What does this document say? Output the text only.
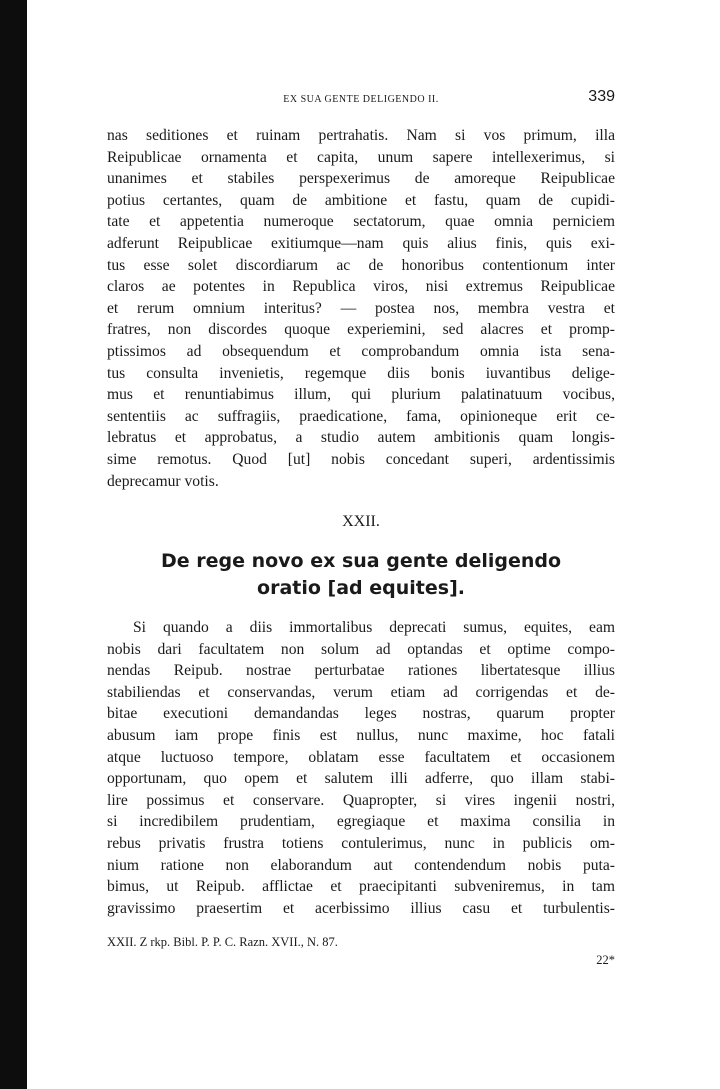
EX SUA GENTE DELIGENDO II.	339
nas seditiones et ruinam pertrahatis. Nam si vos primum, illa
Reipublicae ornamenta et capita, unum sapere intellexerimus, si
unanimes et stabiles perspexerimus de amoreque Reipublicae
potius certantes, quam de ambitione et fastu, quam de cupidi-
tate et appetentia numeroque sectatorum, quae omnia perniciem
adferunt Reipublicae exitiumque—nam quis alius finis, quis exi-
tus esse solet discordiarum ac de honoribus contentionum inter
claros ae potentes in Republica viros, nisi extremus Reipublicae
et rerum omnium interitus? — postea nos, membra vestra et
fratres, non discordes quoque experiemini, sed alacres et promp-
ptissimos ad obsequendum et comprobandum omnia ista sena-
tus consulta invenietis, regemque diis bonis iuvantibus delige-
mus et renuntiabimus illum, qui plurium palatinatuum vocibus,
sententiis ac suffragiis, praedicatione, fama, opinioneque erit ce-
lebratus et approbatus, a studio autem ambitionis quam longis-
sime remotus. Quod [ut] nobis concedant superi, ardentissimis
deprecamur votis.
XXII.
De rege novo ex sua gente deligendo
oratio [ad equites].
Si quando a diis immortalibus deprecati sumus, equites, eam
nobis dari facultatem non solum ad optandas et optime compo-
nendas Reipub. nostrae perturbatae rationes libertatesque illius
stabiliendas et conservandas, verum etiam ad corrigendas et de-
bitae executioni demandandas leges nostras, quarum propter
abusum iam prope finis est nullus, nunc maxime, hoc fatali
atque luctuoso tempore, oblatam esse facultatem et occasionem
opportunam, quo opem et salutem illi adferre, quo illam stabi-
lire possimus et conservare. Quapropter, si vires ingenii nostri,
si incredibilem prudentiam, egregiaque et maxima consilia in
rebus privatis frustra totiens contulerimus, nunc in publicis om-
nium ratione non elaborandum aut contendendum nobis puta-
bimus, ut Reipub. afflictae et praecipitanti subveniremus, in tam
gravissimo praesertim et acerbissimo illius casu et turbulentis-
XXII. Z rkp. Bibl. P. P. C. Razn. XVII., N. 87.
22*
